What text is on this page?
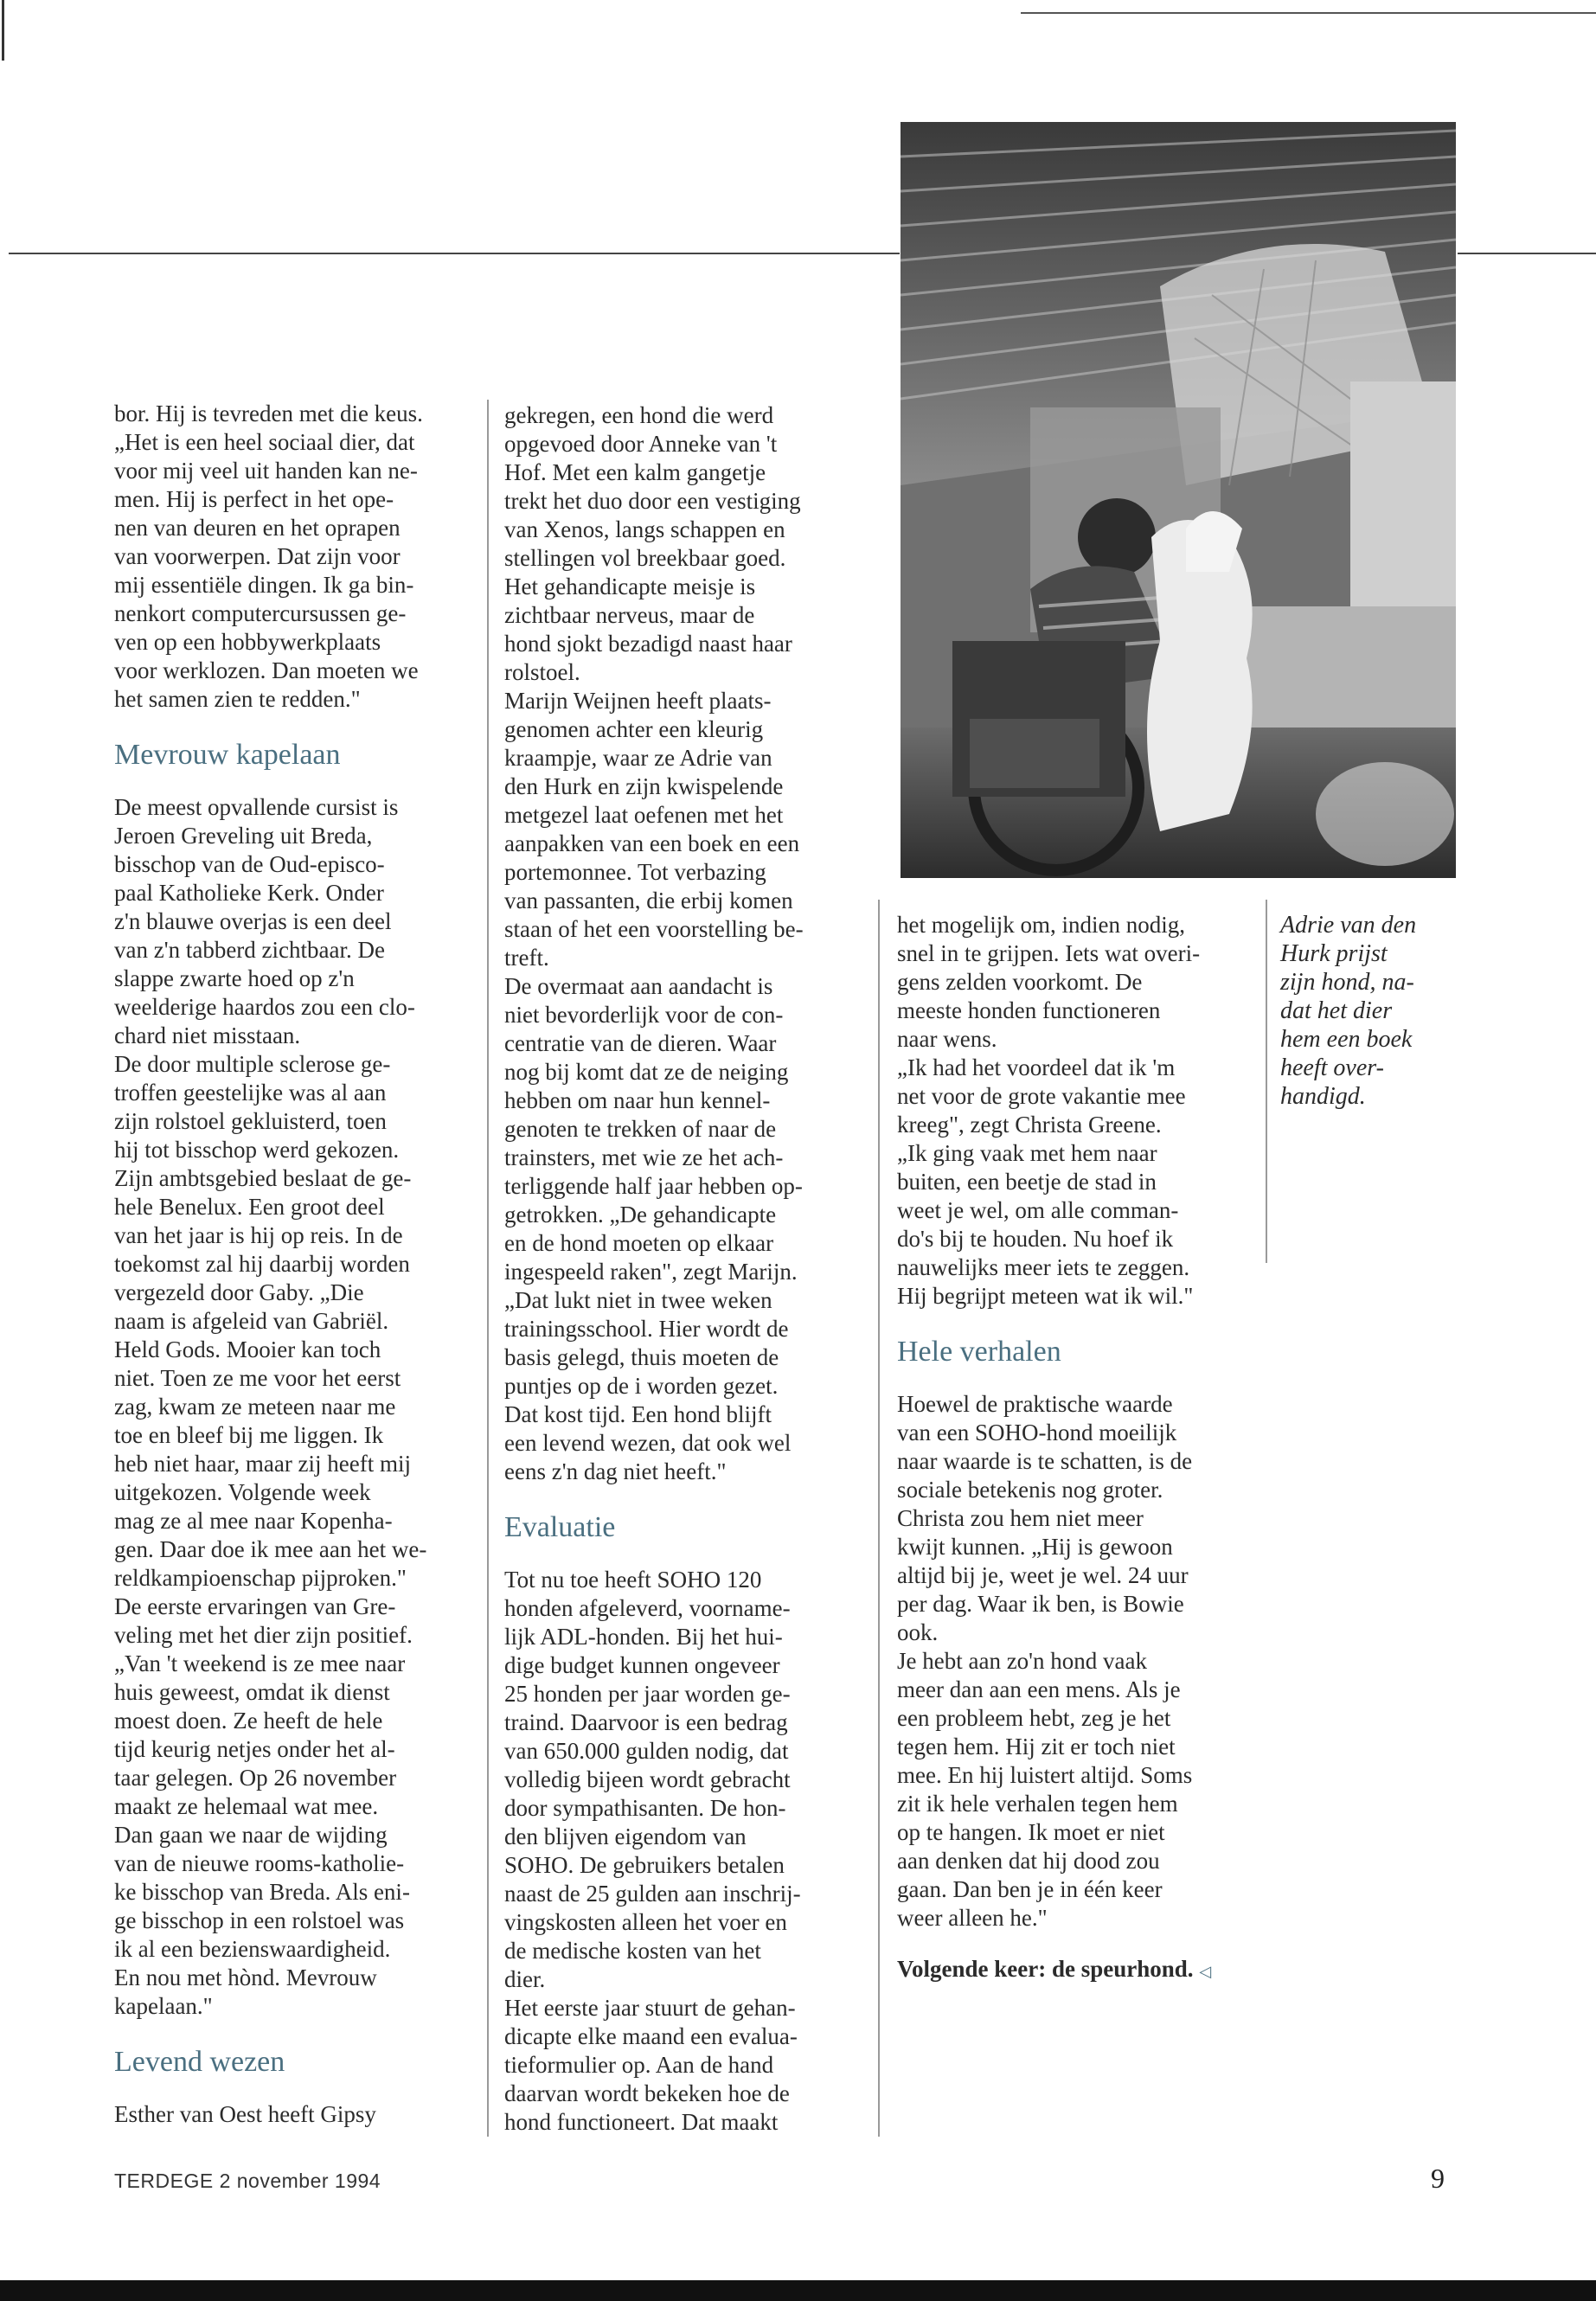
bor. Hij is tevreden met die keus.
„Het is een heel sociaal dier, dat
voor mij veel uit handen kan ne-
men. Hij is perfect in het ope-
nen van deuren en het oprapen
van voorwerpen. Dat zijn voor
mij essentiële dingen. Ik ga bin-
nenkort computercursussen ge-
ven op een hobbywerkplaats
voor werklozen. Dan moeten we
het samen zien te redden."

Mevrouw kapelaan

De meest opvallende cursist is
Jeroen Greveling uit Breda,
bisschop van de Oud-episco-
paal Katholieke Kerk. Onder
z'n blauwe overjas is een deel
van z'n tabberd zichtbaar. De
slappe zwarte hoed op z'n
weelderige haardos zou een clo-
chard niet misstaan.
De door multiple sclerose ge-
troffen geestelijke was al aan
zijn rolstoel gekluisterd, toen
hij tot bisschop werd gekozen.
Zijn ambtsgebied beslaat de ge-
hele Benelux. Een groot deel
van het jaar is hij op reis. In de
toekomst zal hij daarbij worden
vergezeld door Gaby. „Die
naam is afgeleid van Gabriël.
Held Gods. Mooier kan toch
niet. Toen ze me voor het eerst
zag, kwam ze meteen naar me
toe en bleef bij me liggen. Ik
heb niet haar, maar zij heeft mij
uitgekozen. Volgende week
mag ze al mee naar Kopenha-
gen. Daar doe ik mee aan het we-
reldkampioenschap pijproken."
De eerste ervaringen van Gre-
veling met het dier zijn positief.
„Van 't weekend is ze mee naar
huis geweest, omdat ik dienst
moest doen. Ze heeft de hele
tijd keurig netjes onder het al-
taar gelegen. Op 26 november
maakt ze helemaal wat mee.
Dan gaan we naar de wijding
van de nieuwe rooms-katholie-
ke bisschop van Breda. Als eni-
ge bisschop in een rolstoel was
ik al een bezienswaardigheid.
En nou met hònd. Mevrouw
kapelaan."

Levend wezen

Esther van Oest heeft Gipsy

gekregen, een hond die werd
opgevoed door Anneke van 't
Hof. Met een kalm gangetje
trekt het duo door een vestiging
van Xenos, langs schappen en
stellingen vol breekbaar goed.
Het gehandicapte meisje is
zichtbaar nerveus, maar de
hond sjokt bezadigd naast haar
rolstoel.
Marijn Weijnen heeft plaats-
genomen achter een kleurig
kraampje, waar ze Adrie van
den Hurk en zijn kwispelende
metgezel laat oefenen met het
aanpakken van een boek en een
portemonnee. Tot verbazing
van passanten, die erbij komen
staan of het een voorstelling be-
treft.
De overmaat aan aandacht is
niet bevorderlijk voor de con-
centratie van de dieren. Waar
nog bij komt dat ze de neiging
hebben om naar hun kennel-
genoten te trekken of naar de
trainsters, met wie ze het ach-
terliggende half jaar hebben op-
getrokken. „De gehandicapte
en de hond moeten op elkaar
ingespeeld raken", zegt Marijn.
„Dat lukt niet in twee weken
trainingsschool. Hier wordt de
basis gelegd, thuis moeten de
puntjes op de i worden gezet.
Dat kost tijd. Een hond blijft
een levend wezen, dat ook wel
eens z'n dag niet heeft."

Evaluatie

Tot nu toe heeft SOHO 120
honden afgeleverd, voorname-
lijk ADL-honden. Bij het hui-
dige budget kunnen ongeveer
25 honden per jaar worden ge-
traind. Daarvoor is een bedrag
van 650.000 gulden nodig, dat
volledig bijeen wordt gebracht
door sympathisanten. De hon-
den blijven eigendom van
SOHO. De gebruikers betalen
naast de 25 gulden aan inschrij-
vingskosten alleen het voer en
de medische kosten van het
dier.
Het eerste jaar stuurt de gehan-
dicapte elke maand een evalua-
tieformulier op. Aan de hand
daarvan wordt bekeken hoe de
hond functioneert. Dat maakt

het mogelijk om, indien nodig,
snel in te grijpen. Iets wat overi-
gens zelden voorkomt. De
meeste honden functioneren
naar wens.
„Ik had het voordeel dat ik 'm
net voor de grote vakantie mee
kreeg", zegt Christa Greene.
„Ik ging vaak met hem naar
buiten, een beetje de stad in
weet je wel, om alle comman-
do's bij te houden. Nu hoef ik
nauwelijks meer iets te zeggen.
Hij begrijpt meteen wat ik wil."

Hele verhalen

Hoewel de praktische waarde
van een SOHO-hond moeilijk
naar waarde is te schatten, is de
sociale betekenis nog groter.
Christa zou hem niet meer
kwijt kunnen. „Hij is gewoon
altijd bij je, weet je wel. 24 uur
per dag. Waar ik ben, is Bowie
ook.
Je hebt aan zo'n hond vaak
meer dan aan een mens. Als je
een probleem hebt, zeg je het
tegen hem. Hij zit er toch niet
mee. En hij luistert altijd. Soms
zit ik hele verhalen tegen hem
op te hangen. Ik moet er niet
aan denken dat hij dood zou
gaan. Dan ben je in één keer
weer alleen he."

Volgende keer: de speurhond. ◁

Adrie van den
Hurk prijst
zijn hond, na-
dat het dier
hem een boek
heeft over-
handigd.
TERDEGE 2 november 1994	9
